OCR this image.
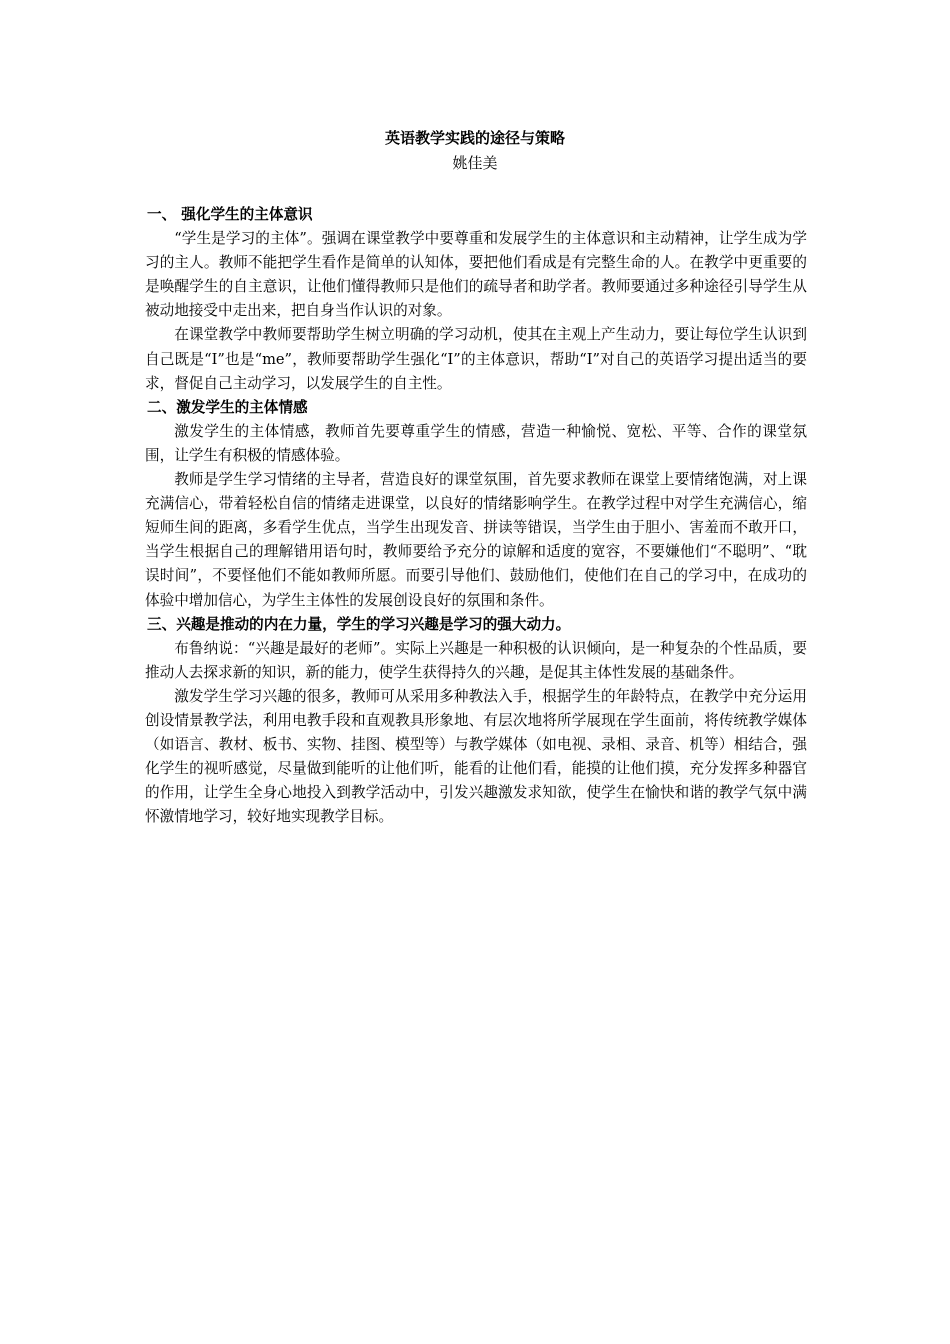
英语教学实践的途径与策略
姚佳美

一、 强化学生的主体意识

“学生是学习的主体”。强调在课堂教学中要尊重和发展学生的主体意识和主动精神，让学生成为学习的主人。教师不能把学生看作是简单的认知体，要把他们看成是有完整生命的人。在教学中更重要的是唤醒学生的自主意识，让他们懂得教师只是他们的疏导者和助学者。教师要通过多种途径引导学生从被动地接受中走出来，把自身当作认识的对象。

在课堂教学中教师要帮助学生树立明确的学习动机，使其在主观上产生动力，要让每位学生认识到自己既是“I”也是“me”，教师要帮助学生强化“I”的主体意识，帮助“I”对自己的英语学习提出适当的要求，督促自己主动学习，以发展学生的自主性。

二、激发学生的主体情感

激发学生的主体情感，教师首先要尊重学生的情感，营造一种愉悦、宽松、平等、合作的课堂氛围，让学生有积极的情感体验。

教师是学生学习情绪的主导者，营造良好的课堂氛围，首先要求教师在课堂上要情绪饱满，对上课充满信心，带着轻松自信的情绪走进课堂，以良好的情绪影响学生。在教学过程中对学生充满信心，缩短师生间的距离，多看学生优点，当学生出现发音、拼读等错误，当学生由于胆小、害羞而不敢开口，当学生根据自己的理解错用语句时，教师要给予充分的谅解和适度的宽容，不要嫌他们“不聪明”、“耽误时间”，不要怪他们不能如教师所愿。而要引导他们、鼓励他们，使他们在自己的学习中，在成功的体验中增加信心，为学生主体性的发展创设良好的氛围和条件。

三、兴趣是推动的内在力量，学生的学习兴趣是学习的强大动力。

布鲁纳说：“兴趣是最好的老师”。实际上兴趣是一种积极的认识倾向，是一种复杂的个性品质，要推动人去探求新的知识，新的能力，使学生获得持久的兴趣，是促其主体性发展的基础条件。

激发学生学习兴趣的很多，教师可从采用多种教法入手，根据学生的年龄特点，在教学中充分运用创设情景教学法，利用电教手段和直观教具形象地、有层次地将所学展现在学生面前，将传统教学媒体（如语言、教材、板书、实物、挂图、模型等）与教学媒体（如电视、录相、录音、机等）相结合，强化学生的视听感觉，尽量做到能听的让他们听，能看的让他们看，能摸的让他们摸，充分发挥多种器官的作用，让学生全身心地投入到教学活动中，引发兴趣激发求知欲，使学生在愉快和谐的教学气氛中满怀激情地学习，较好地实现教学目标。
